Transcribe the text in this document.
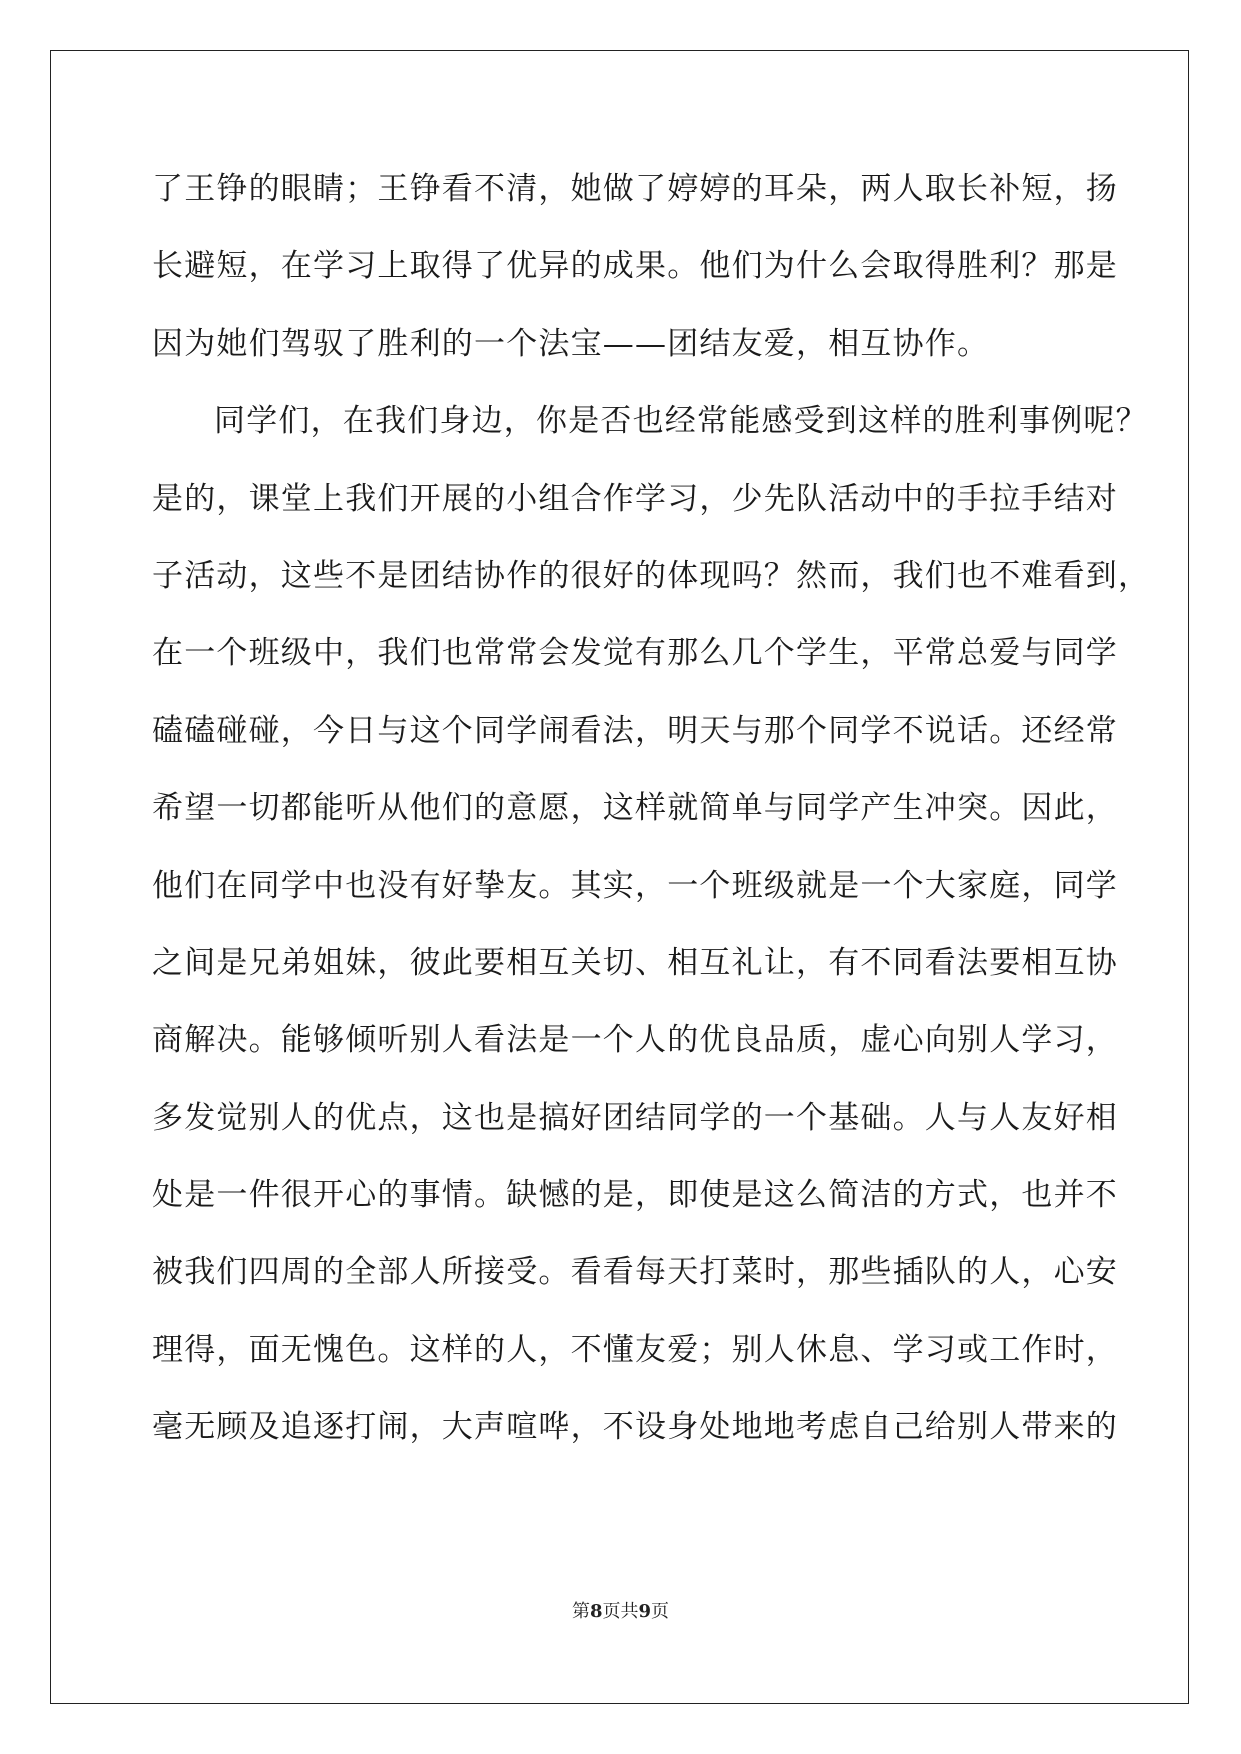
了王铮的眼睛；王铮看不清，她做了婷婷的耳朵，两人取长补短，扬
长避短，在学习上取得了优异的成果。他们为什么会取得胜利？那是
因为她们驾驭了胜利的一个法宝——团结友爱，相互协作。
同学们，在我们身边，你是否也经常能感受到这样的胜利事例呢？
是的，课堂上我们开展的小组合作学习，少先队活动中的手拉手结对
子活动，这些不是团结协作的很好的体现吗？然而，我们也不难看到，
在一个班级中，我们也常常会发觉有那么几个学生，平常总爱与同学
磕磕碰碰，今日与这个同学闹看法，明天与那个同学不说话。还经常
希望一切都能听从他们的意愿，这样就简单与同学产生冲突。因此，
他们在同学中也没有好挚友。其实，一个班级就是一个大家庭，同学
之间是兄弟姐妹，彼此要相互关切、相互礼让，有不同看法要相互协
商解决。能够倾听别人看法是一个人的优良品质，虚心向别人学习，
多发觉别人的优点，这也是搞好团结同学的一个基础。人与人友好相
处是一件很开心的事情。缺憾的是，即使是这么简洁的方式，也并不
被我们四周的全部人所接受。看看每天打菜时，那些插队的人，心安
理得，面无愧色。这样的人，不懂友爱；别人休息、学习或工作时，
毫无顾及追逐打闹，大声喧哗，不设身处地地考虑自己给别人带来的
第8页共9页
